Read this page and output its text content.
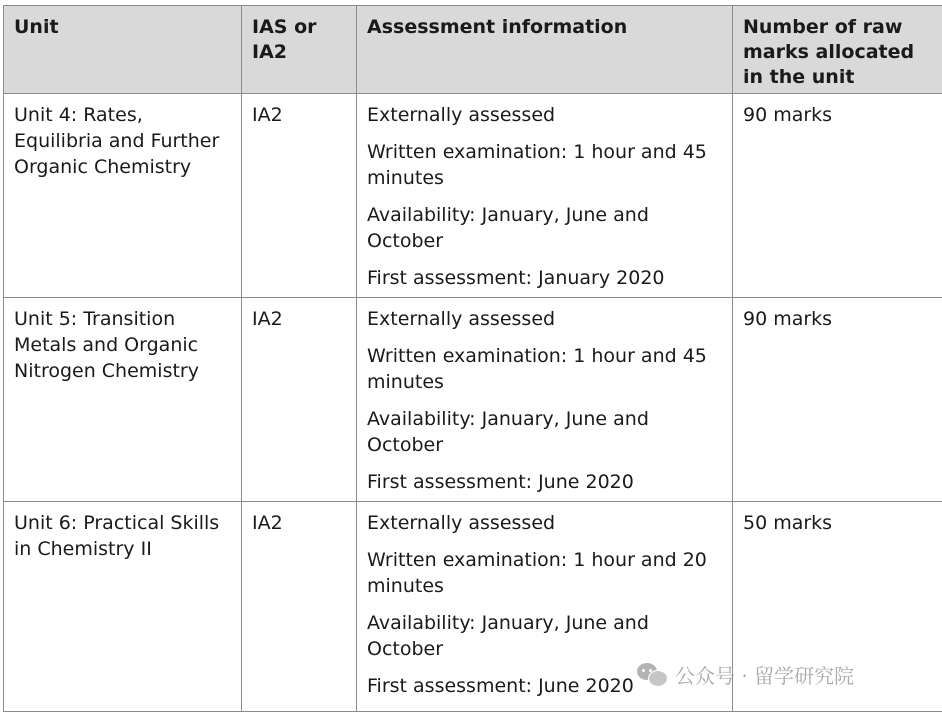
Unit	IAS or IA2	Assessment information	Number of raw marks allocated in the unit
Unit 4: Rates, Equilibria and Further Organic Chemistry	IA2	Externally assessed

Written examination: 1 hour and 45 minutes

Availability: January, June and October

First assessment: January 2020	90 marks
Unit 5: Transition Metals and Organic Nitrogen Chemistry	IA2	Externally assessed

Written examination: 1 hour and 45 minutes

Availability: January, June and October

First assessment: June 2020	90 marks
Unit 6: Practical Skills in Chemistry II	IA2	Externally assessed

Written examination: 1 hour and 20 minutes

Availability: January, June and October

First assessment: June 2020	50 marks
公众号 · 留学研究院
